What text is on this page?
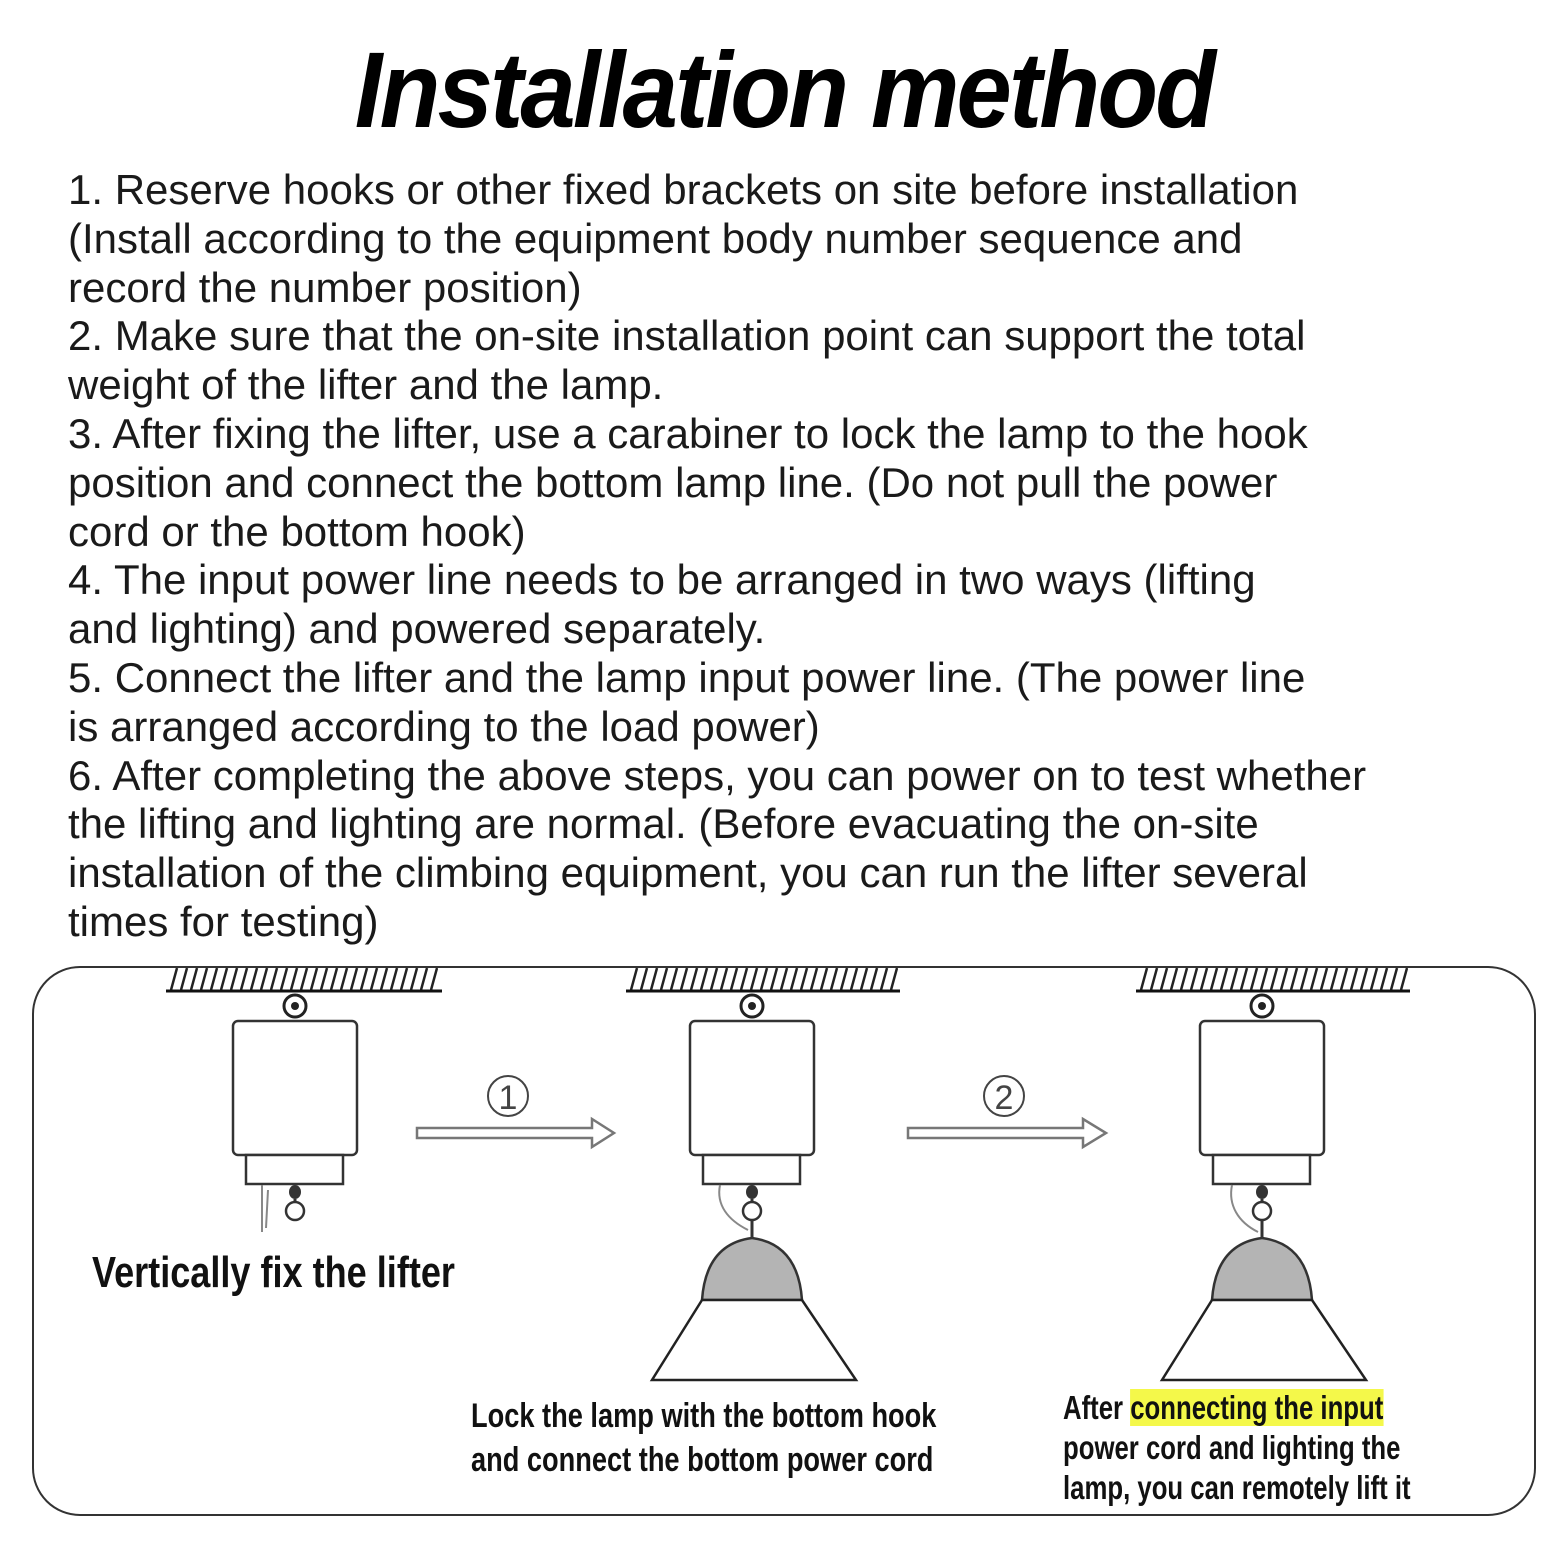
Installation method
1. Reserve hooks or other fixed brackets on site before installation
(Install according to the equipment body number sequence and
record the number position)
2. Make sure that the on-site installation point can support the total
weight of the lifter and the lamp.
3. After fixing the lifter, use a carabiner to lock the lamp to the hook
position and connect the bottom lamp line. (Do not pull the power
cord or the bottom hook)
4. The input power line needs to be arranged in two ways (lifting
and lighting) and powered separately.
5. Connect the lifter and the lamp input power line. (The power line
is arranged according to the load power)
6. After completing the above steps, you can power on to test whether
the lifting and lighting are normal. (Before evacuating the on-site
installation of the climbing equipment, you can run the lifter several
times for testing)
1	2
Vertically fix the lifter
Lock the lamp with the bottom hook
and connect the bottom power cord
After connecting the input
power cord and lighting the
lamp, you can remotely lift it
